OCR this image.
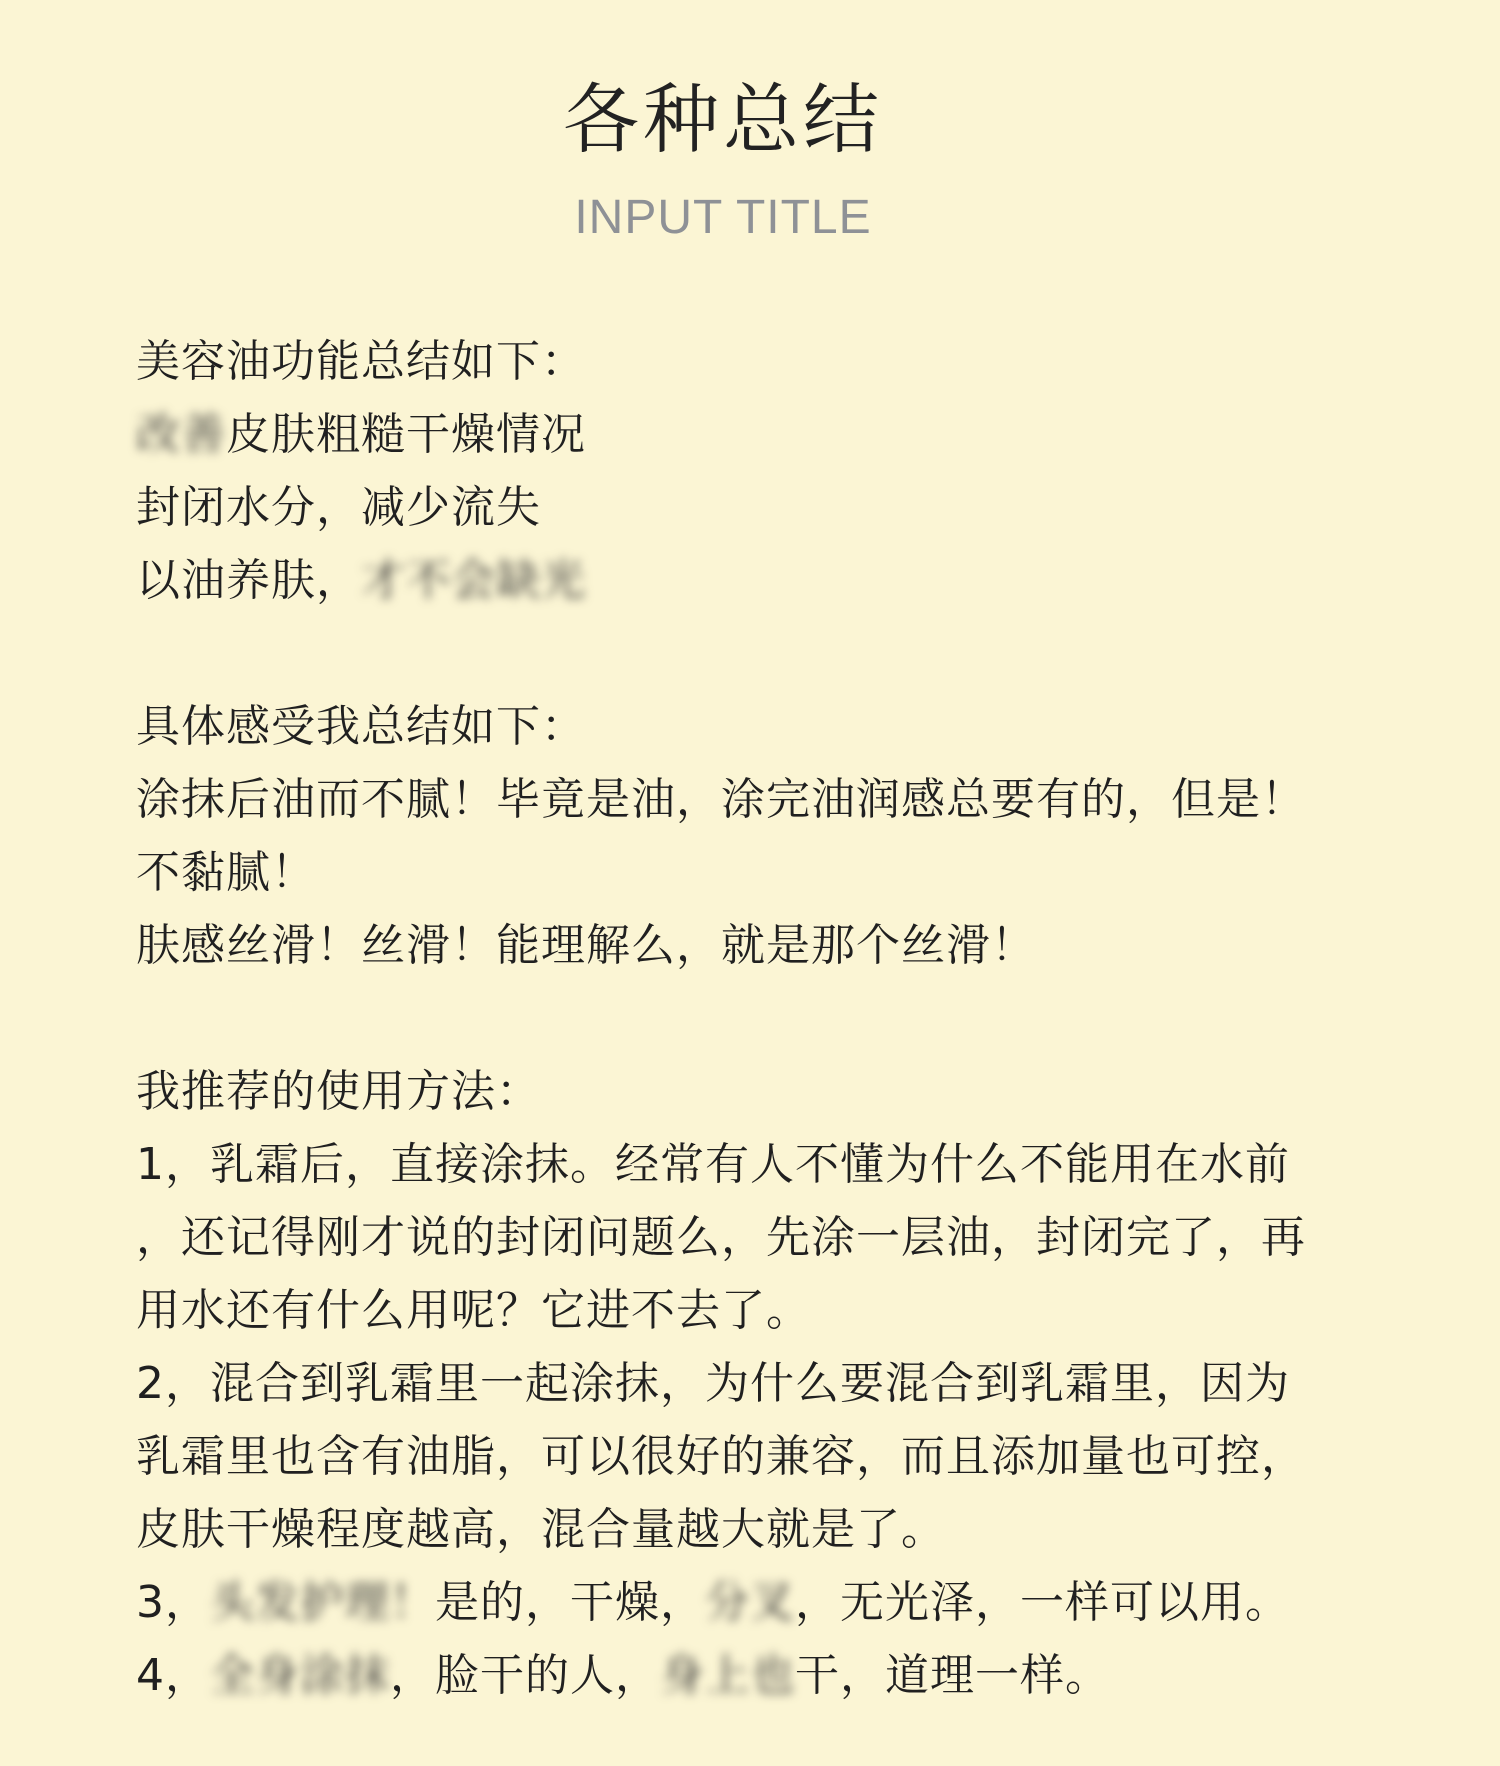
各种总结
INPUT TITLE
美容油功能总结如下：
改善皮肤粗糙干燥情况
封闭水分，减少流失
以油养肤，才不会缺光
具体感受我总结如下：
涂抹后油而不腻！毕竟是油，涂完油润感总要有的，但是！
不黏腻！
肤感丝滑！丝滑！能理解么，就是那个丝滑！
我推荐的使用方法：
1，乳霜后，直接涂抹。经常有人不懂为什么不能用在水前
，还记得刚才说的封闭问题么，先涂一层油，封闭完了，再
用水还有什么用呢？它进不去了。
2，混合到乳霜里一起涂抹，为什么要混合到乳霜里，因为
乳霜里也含有油脂，可以很好的兼容，而且添加量也可控，
皮肤干燥程度越高，混合量越大就是了。
3，头发护理！是的，干燥，分叉，无光泽，一样可以用。
4，全身涂抹，脸干的人，身上也干，道理一样。
